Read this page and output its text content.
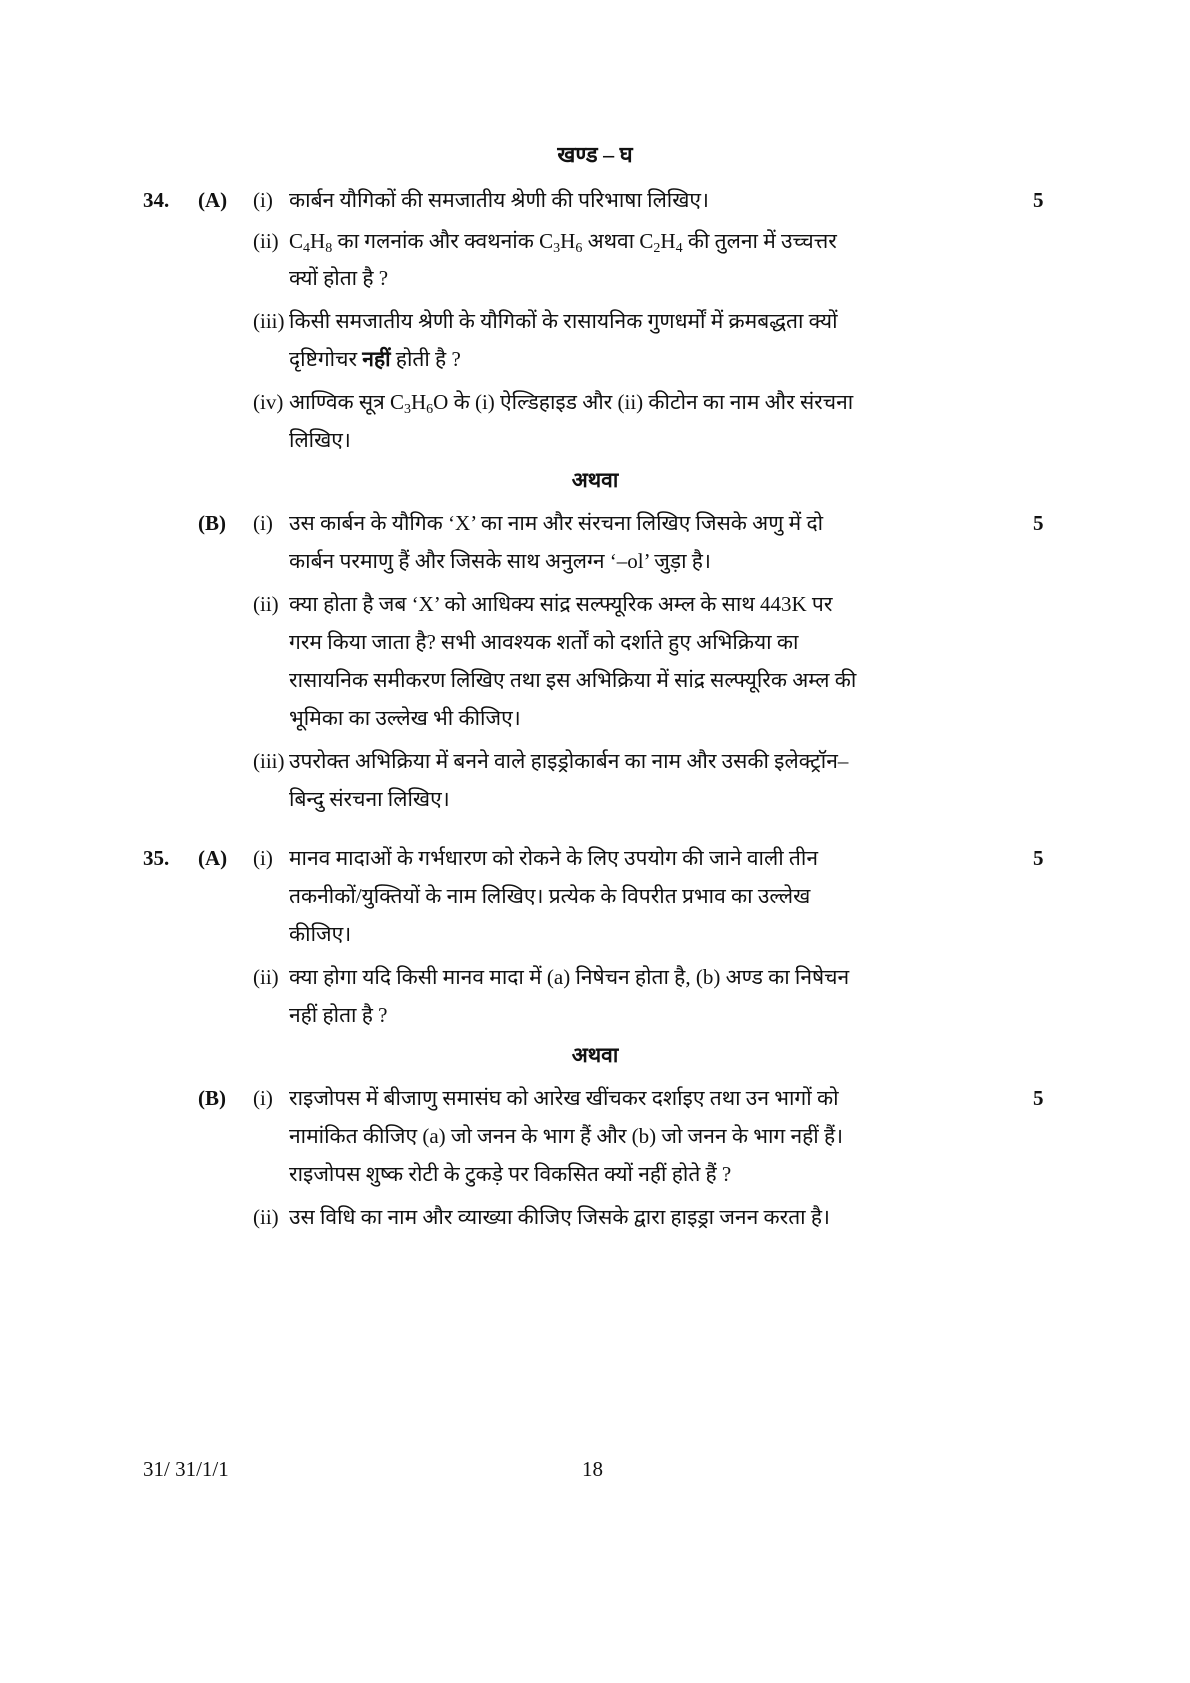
खण्ड – घ
34. (A) (i) कार्बन यौगिकों की समजातीय श्रेणी की परिभाषा लिखिए।	5
(ii) $C_4H_8$ का गलनांक और क्वथनांक $C_3H_6$ अथवा $C_2H_4$ की तुलना में उच्चत्तर
क्यों होता है ?
(iii) किसी समजातीय श्रेणी के यौगिकों के रासायनिक गुणधर्मों में क्रमबद्धता क्यों
दृष्टिगोचर नहीं होती है ?
(iv) आण्विक सूत्र $C_3H_6O$ के (i) ऐल्डिहाइड और (ii) कीटोन का नाम और संरचना
लिखिए।
अथवा
(B) (i) उस कार्बन के यौगिक ‘X’ का नाम और संरचना लिखिए जिसके अणु में दो	5
कार्बन परमाणु हैं और जिसके साथ अनुलग्न ‘–ol’ जुड़ा है।
(ii) क्या होता है जब ‘X’ को आधिक्य सांद्र सल्फ्यूरिक अम्ल के साथ 443K पर
गरम किया जाता है? सभी आवश्यक शर्तों को दर्शाते हुए अभिक्रिया का
रासायनिक समीकरण लिखिए तथा इस अभिक्रिया में सांद्र सल्फ्यूरिक अम्ल की
भूमिका का उल्लेख भी कीजिए।
(iii) उपरोक्त अभिक्रिया में बनने वाले हाइड्रोकार्बन का नाम और उसकी इलेक्ट्रॉन–
बिन्दु संरचना लिखिए।
35. (A) (i) मानव मादाओं के गर्भधारण को रोकने के लिए उपयोग की जाने वाली तीन	5
तकनीकों/युक्तियों के नाम लिखिए। प्रत्येक के विपरीत प्रभाव का उल्लेख
कीजिए।
(ii) क्या होगा यदि किसी मानव मादा में (a) निषेचन होता है, (b) अण्ड का निषेचन
नहीं होता है ?
अथवा
(B) (i) राइजोपस में बीजाणु समासंघ को आरेख खींचकर दर्शाइए तथा उन भागों को	5
नामांकित कीजिए (a) जो जनन के भाग हैं और (b) जो जनन के भाग नहीं हैं।
राइजोपस शुष्क रोटी के टुकड़े पर विकसित क्यों नहीं होते हैं ?
(ii) उस विधि का नाम और व्याख्या कीजिए जिसके द्वारा हाइड्रा जनन करता है।
31/ 31/1/1	18
